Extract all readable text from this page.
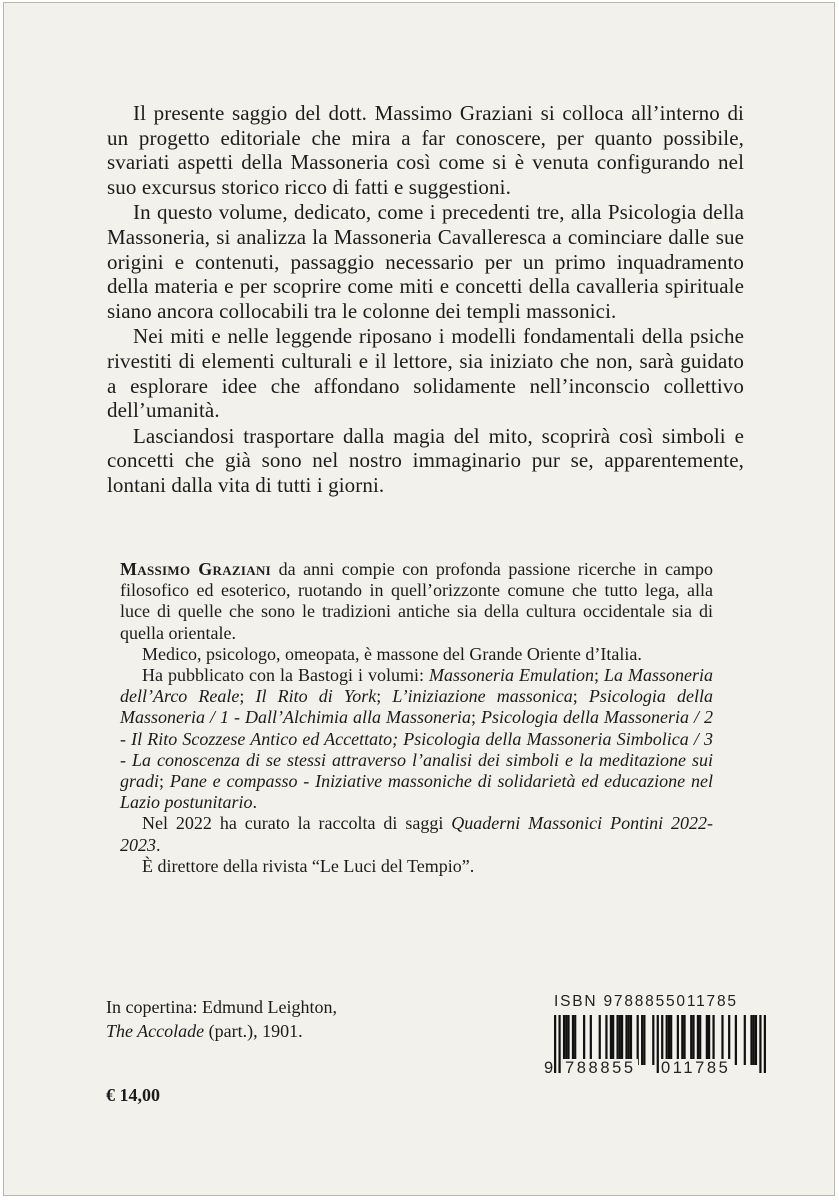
Il presente saggio del dott. Massimo Graziani si colloca all’interno di un progetto editoriale che mira a far conoscere, per quanto possibile, svariati aspetti della Massoneria così come si è venuta configurando nel suo excursus storico ricco di fatti e suggestioni.

In questo volume, dedicato, come i precedenti tre, alla Psicologia della Massoneria, si analizza la Massoneria Cavalleresca a cominciare dalle sue origini e contenuti, passaggio necessario per un primo inquadramento della materia e per scoprire come miti e concetti della cavalleria spirituale siano ancora collocabili tra le colonne dei templi massonici.

Nei miti e nelle leggende riposano i modelli fondamentali della psiche rivestiti di elementi culturali e il lettore, sia iniziato che non, sarà guidato a esplorare idee che affondano solidamente nell’inconscio collettivo dell’umanità.

Lasciandosi trasportare dalla magia del mito, scoprirà così simboli e concetti che già sono nel nostro immaginario pur se, apparentemente, lontani dalla vita di tutti i giorni.

Massimo Graziani da anni compie con profonda passione ricerche in campo filosofico ed esoterico, ruotando in quell’orizzonte comune che tutto lega, alla luce di quelle che sono le tradizioni antiche sia della cultura occidentale sia di quella orientale.

Medico, psicologo, omeopata, è massone del Grande Oriente d’Italia.

Ha pubblicato con la Bastogi i volumi: Massoneria Emulation; La Massoneria dell’Arco Reale; Il Rito di York; L’iniziazione massonica; Psicologia della Massoneria / 1 - Dall’Alchimia alla Massoneria; Psicologia della Massoneria / 2 - Il Rito Scozzese Antico ed Accettato; Psicologia della Massoneria Simbolica / 3 - La conoscenza di se stessi attraverso l’analisi dei simboli e la meditazione sui gradi; Pane e compasso - Iniziative massoniche di solidarietà ed educazione nel Lazio postunitario.

Nel 2022 ha curato la raccolta di saggi Quaderni Massonici Pontini 2022-2023.

È direttore della rivista “Le Luci del Tempio”.

In copertina: Edmund Leighton,
The Accolade (part.), 1901.
€ 14,00
ISBN 9788855011785
9 788855 011785
